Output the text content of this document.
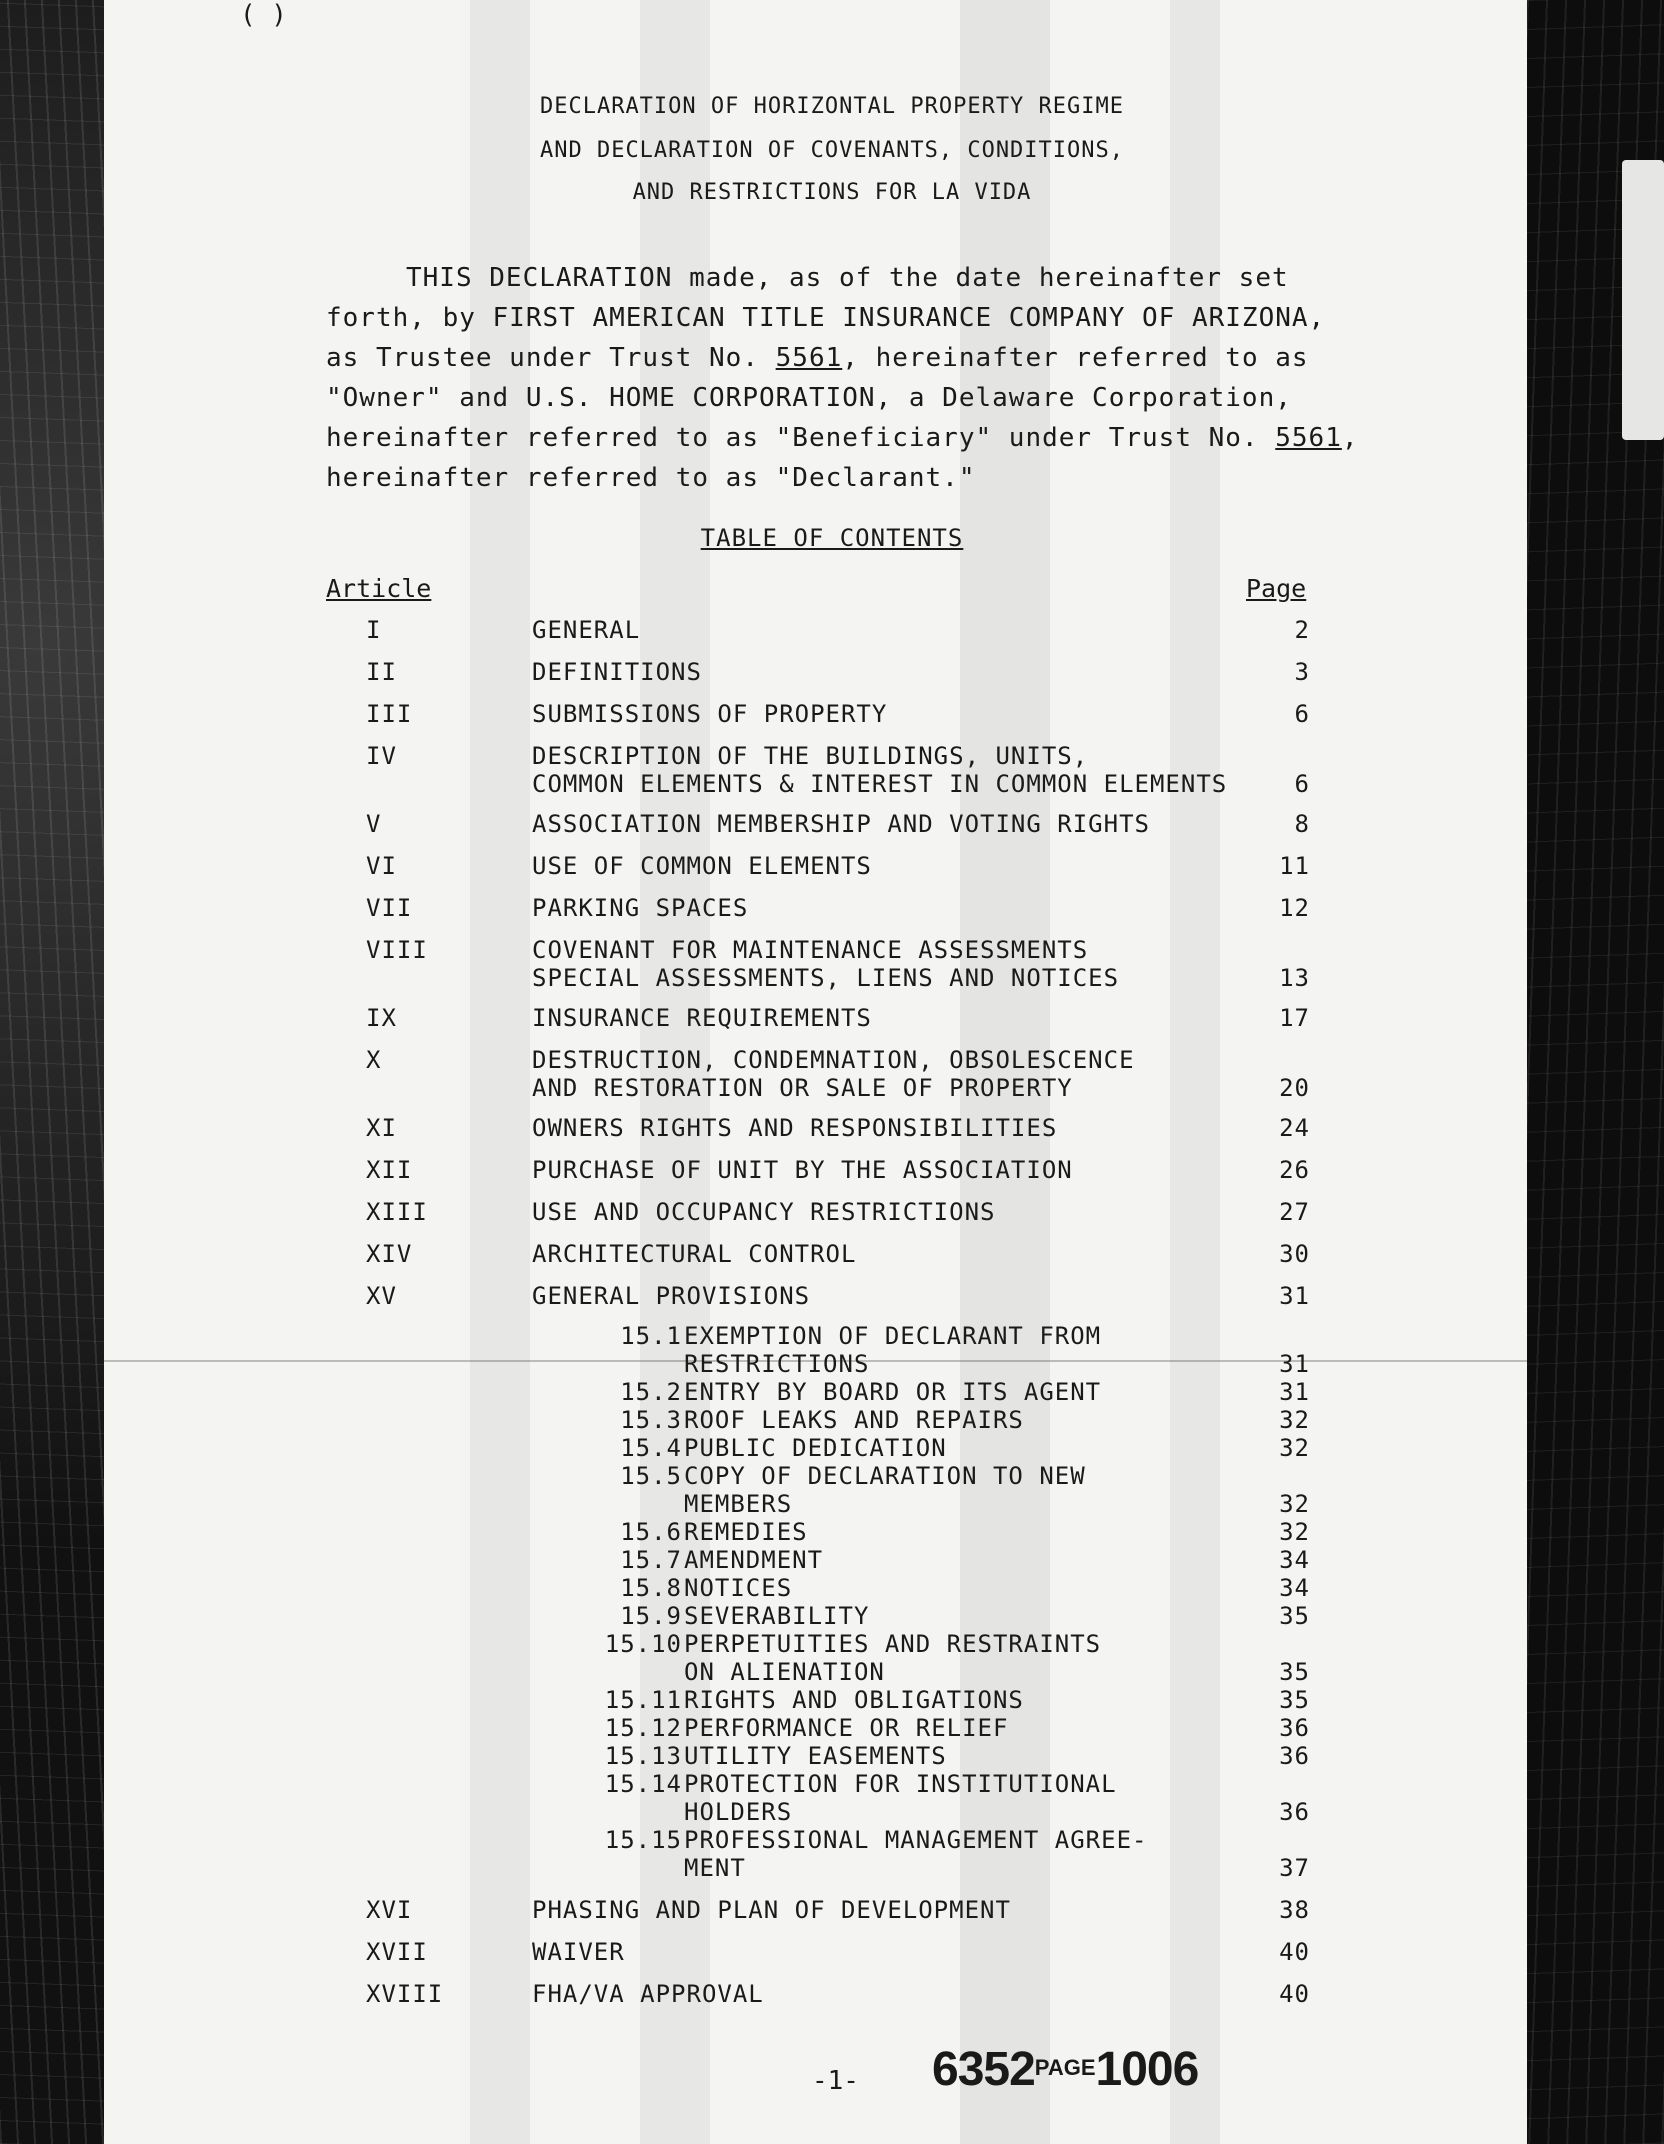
( )
DECLARATION OF HORIZONTAL PROPERTY REGIME
AND DECLARATION OF COVENANTS, CONDITIONS,
AND RESTRICTIONS FOR LA VIDA

THIS DECLARATION made, as of the date hereinafter set

forth, by FIRST AMERICAN TITLE INSURANCE COMPANY OF ARIZONA,

as Trustee under Trust No. 5561, hereinafter referred to as

"Owner" and U.S. HOME CORPORATION, a Delaware Corporation,

hereinafter referred to as "Beneficiary" under Trust No. 5561,

hereinafter referred to as "Declarant."

TABLE OF CONTENTS
Article	Page
I	GENERAL	2
II	DEFINITIONS	3
III	SUBMISSIONS OF PROPERTY	6
IV	DESCRIPTION OF THE BUILDINGS, UNITS,
COMMON ELEMENTS & INTEREST IN COMMON ELEMENTS	6
V	ASSOCIATION MEMBERSHIP AND VOTING RIGHTS	8
VI	USE OF COMMON ELEMENTS	11
VII	PARKING SPACES	12
VIII	COVENANT FOR MAINTENANCE ASSESSMENTS
SPECIAL ASSESSMENTS, LIENS AND NOTICES	13
IX	INSURANCE REQUIREMENTS	17
X	DESTRUCTION, CONDEMNATION, OBSOLESCENCE
AND RESTORATION OR SALE OF PROPERTY	20
XI	OWNERS RIGHTS AND RESPONSIBILITIES	24
XII	PURCHASE OF UNIT BY THE ASSOCIATION	26
XIII	USE AND OCCUPANCY RESTRICTIONS	27
XIV	ARCHITECTURAL CONTROL	30
XV	GENERAL PROVISIONS	31
15.1 EXEMPTION OF DECLARANT FROM
RESTRICTIONS	31
15.2 ENTRY BY BOARD OR ITS AGENT	31
15.3 ROOF LEAKS AND REPAIRS	32
15.4 PUBLIC DEDICATION	32
15.5 COPY OF DECLARATION TO NEW
MEMBERS	32
15.6 REMEDIES	32
15.7 AMENDMENT	34
15.8 NOTICES	34
15.9 SEVERABILITY	35
15.10 PERPETUITIES AND RESTRAINTS
ON ALIENATION	35
15.11 RIGHTS AND OBLIGATIONS	35
15.12 PERFORMANCE OR RELIEF	36
15.13 UTILITY EASEMENTS	36
15.14 PROTECTION FOR INSTITUTIONAL
HOLDERS	36
15.15 PROFESSIONAL MANAGEMENT AGREE-
MENT	37
XVI	PHASING AND PLAN OF DEVELOPMENT	38
XVII	WAIVER	40
XVIII	FHA/VA APPROVAL	40
-1- $6352^{PAGE}1006$
